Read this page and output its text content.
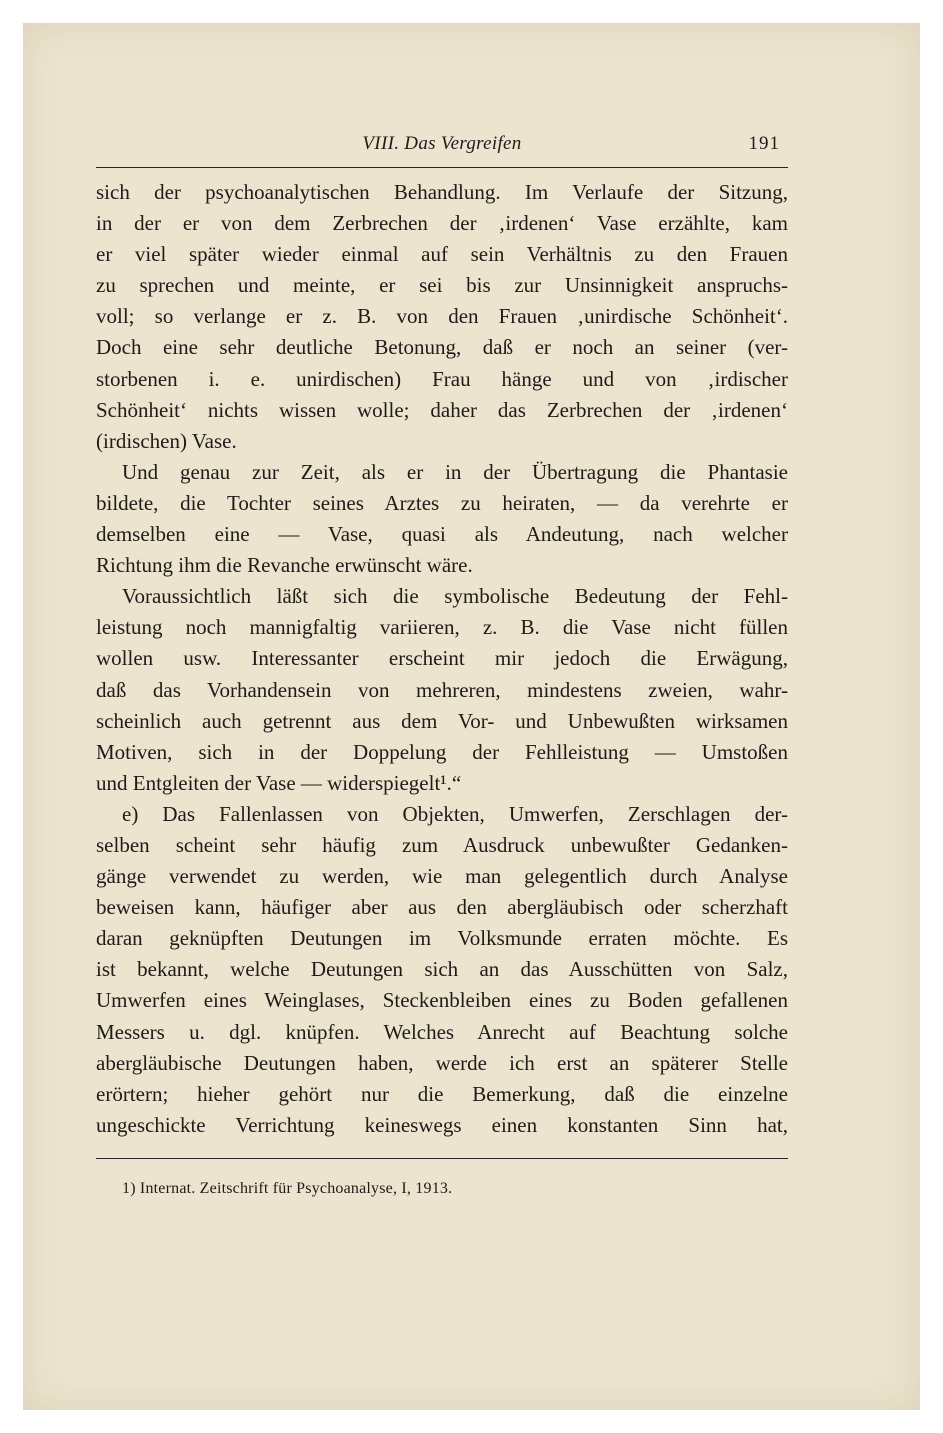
VIII. Das Vergreifen	191
sich der psychoanalytischen Behandlung. Im Verlaufe der Sitzung,
in der er von dem Zerbrechen der ‚irdenen‘ Vase erzählte, kam
er viel später wieder einmal auf sein Verhältnis zu den Frauen
zu sprechen und meinte, er sei bis zur Unsinnigkeit anspruchs-
voll; so verlange er z. B. von den Frauen ‚unirdische Schönheit‘.
Doch eine sehr deutliche Betonung, daß er noch an seiner (ver-
storbenen i. e. unirdischen) Frau hänge und von ‚irdischer
Schönheit‘ nichts wissen wolle; daher das Zerbrechen der ‚irdenen‘
(irdischen) Vase.
Und genau zur Zeit, als er in der Übertragung die Phantasie
bildete, die Tochter seines Arztes zu heiraten, — da verehrte er
demselben eine — Vase, quasi als Andeutung, nach welcher
Richtung ihm die Revanche erwünscht wäre.
Voraussichtlich läßt sich die symbolische Bedeutung der Fehl-
leistung noch mannigfaltig variieren, z. B. die Vase nicht füllen
wollen usw. Interessanter erscheint mir jedoch die Erwägung,
daß das Vorhandensein von mehreren, mindestens zweien, wahr-
scheinlich auch getrennt aus dem Vor- und Unbewußten wirksamen
Motiven, sich in der Doppelung der Fehlleistung — Umstoßen
und Entgleiten der Vase — widerspiegelt¹.“
e) Das Fallenlassen von Objekten, Umwerfen, Zerschlagen der-
selben scheint sehr häufig zum Ausdruck unbewußter Gedanken-
gänge verwendet zu werden, wie man gelegentlich durch Analyse
beweisen kann, häufiger aber aus den abergläubisch oder scherzhaft
daran geknüpften Deutungen im Volksmunde erraten möchte. Es
ist bekannt, welche Deutungen sich an das Ausschütten von Salz,
Umwerfen eines Weinglases, Steckenbleiben eines zu Boden gefallenen
Messers u. dgl. knüpfen. Welches Anrecht auf Beachtung solche
abergläubische Deutungen haben, werde ich erst an späterer Stelle
erörtern; hieher gehört nur die Bemerkung, daß die einzelne
ungeschickte Verrichtung keineswegs einen konstanten Sinn hat,
1) Internat. Zeitschrift für Psychoanalyse, I, 1913.
